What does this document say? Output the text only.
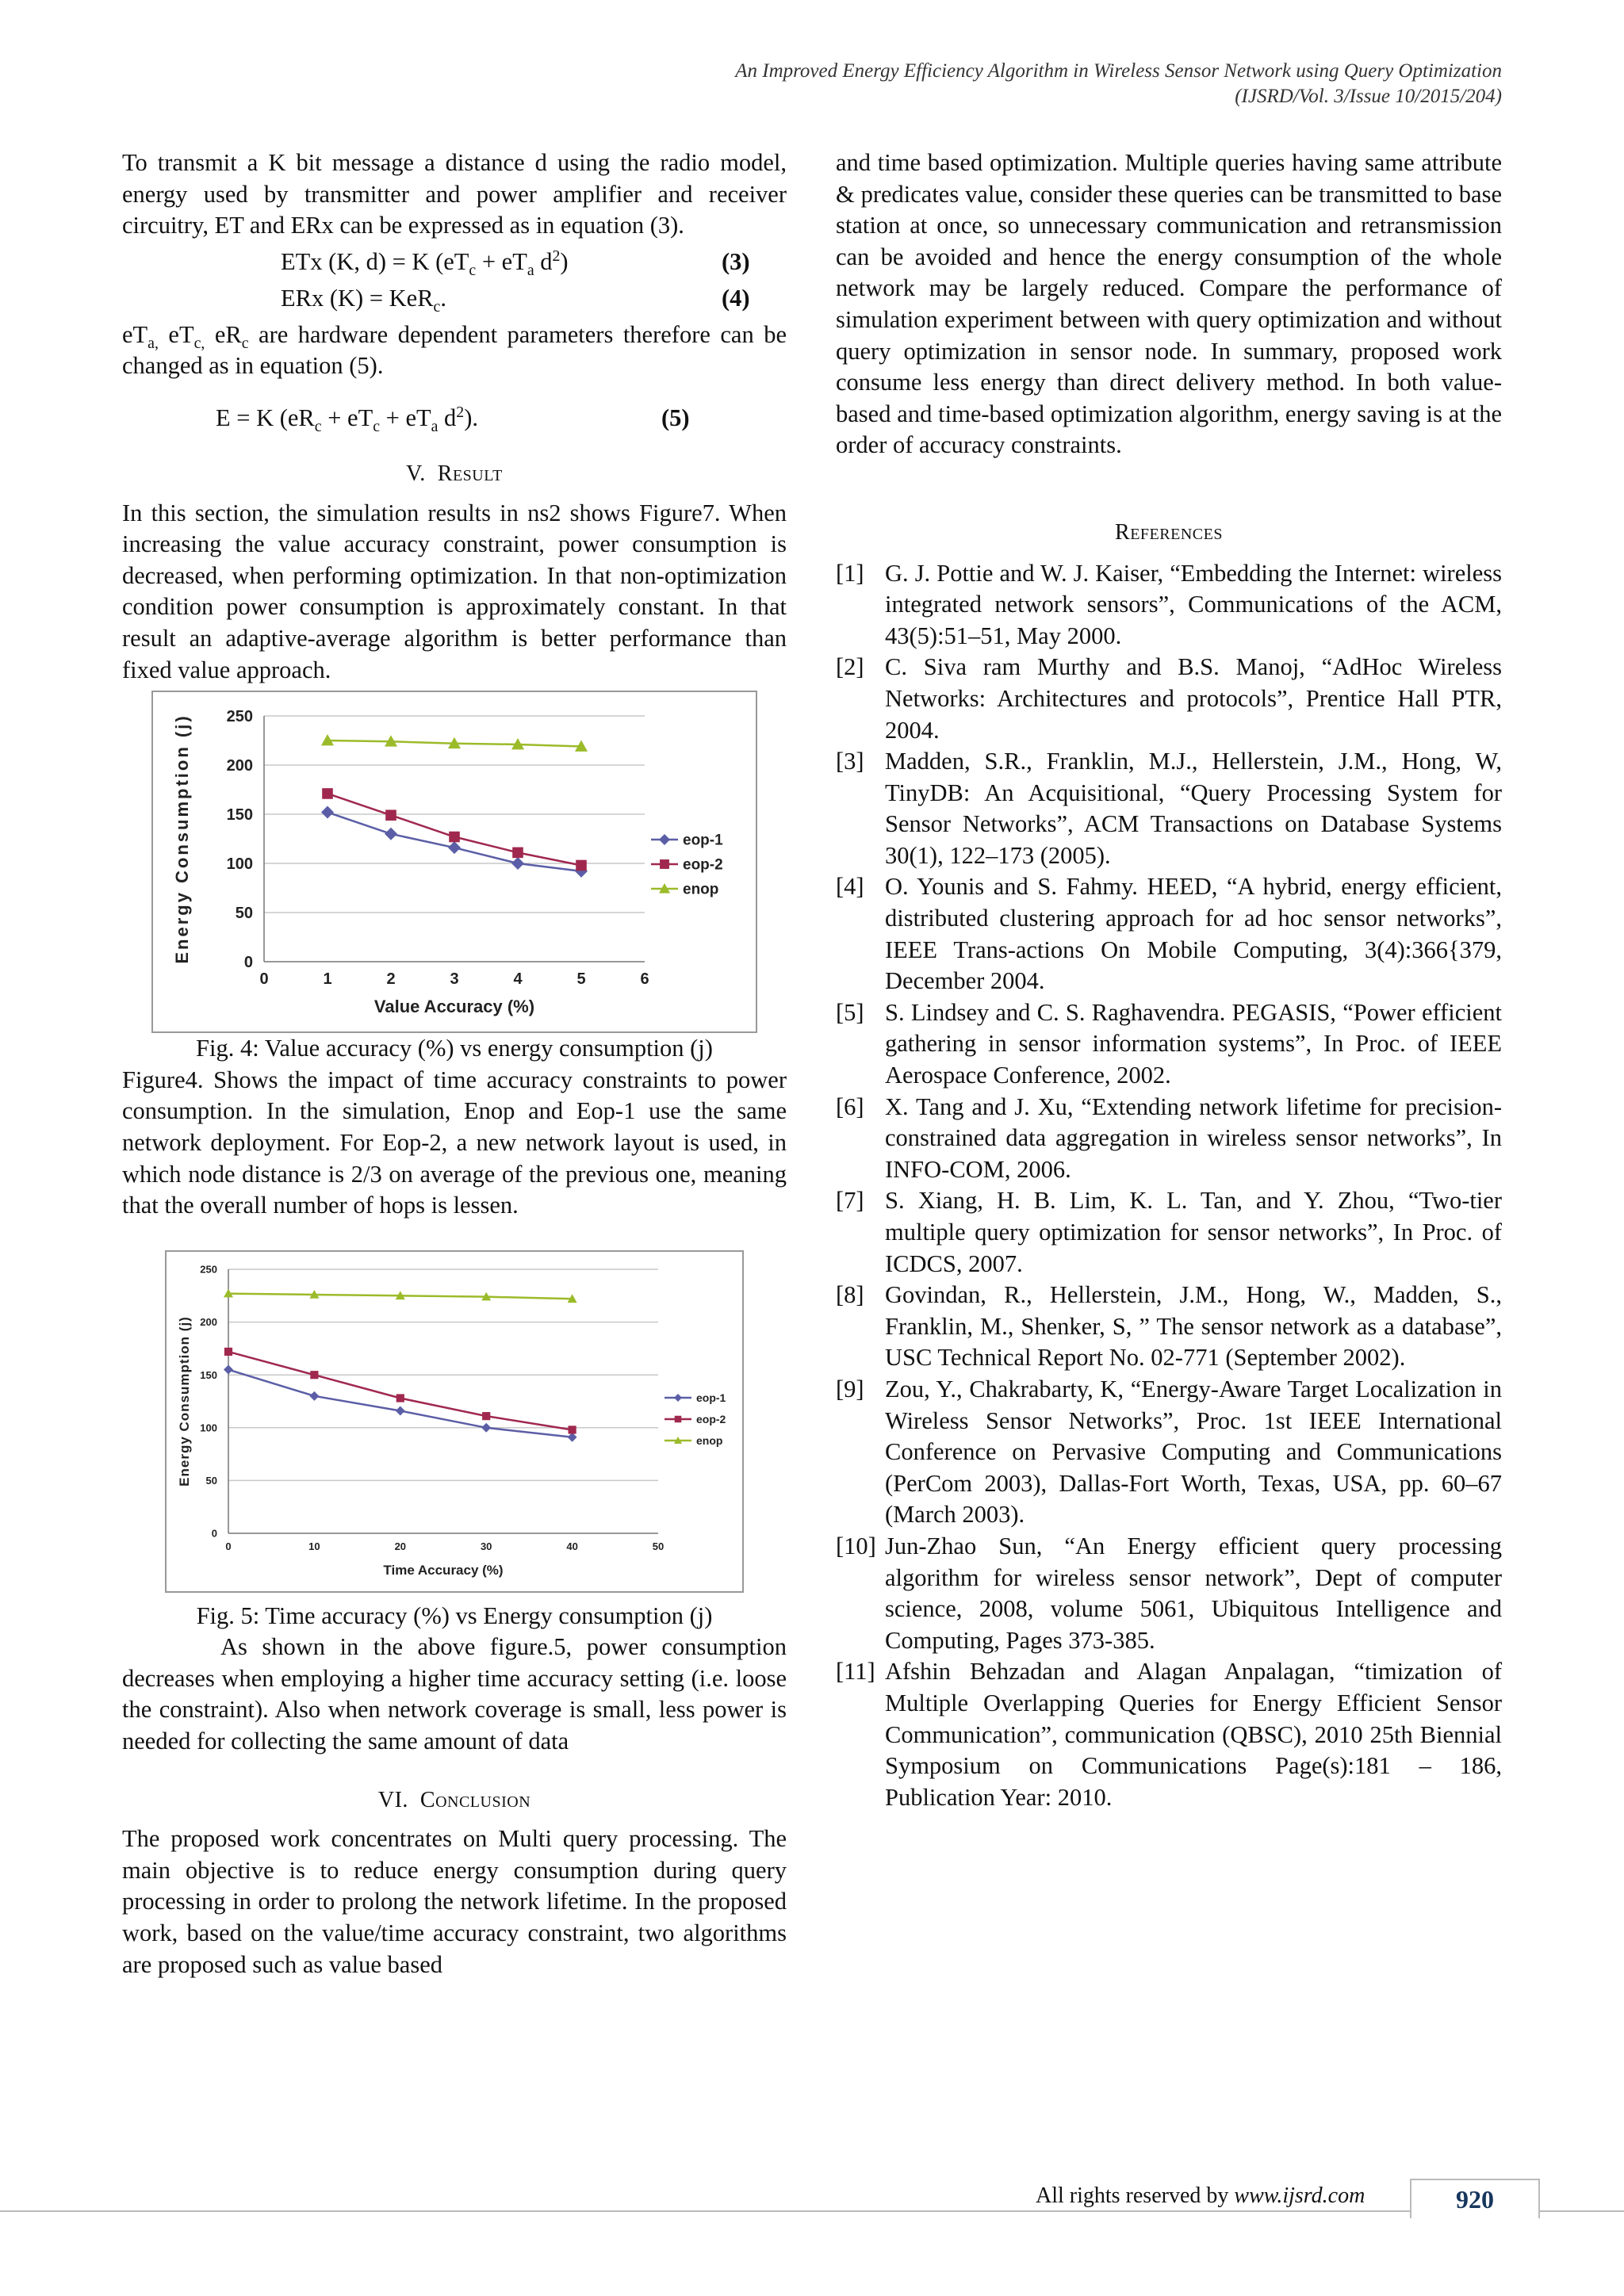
An Improved Energy Efficiency Algorithm in Wireless Sensor Network using Query Optimization
(IJSRD/Vol. 3/Issue 10/2015/204)

To transmit a K bit message a distance d using the radio model, energy used by transmitter and power amplifier and receiver circuitry, ET and ERx can be expressed as in equation (3).

ETx (K, d) = K ($eT_c + eT_a$ $d^2$)	(3)
ERx (K) = KeR$_c$.	(4)

$eT_{a,}$ $eT_{c,}$ $eR_c$ are hardware dependent parameters therefore can be changed as in equation (5).

E = K ($eR_c + eT_c + eT_a$ $d^2$).	(5)
V. Result

In this section, the simulation results in ns2 shows Figure7. When increasing the value accuracy constraint, power consumption is decreased, when performing optimization. In that non-optimization condition power consumption is approximately constant. In that result an adaptive-average algorithm is better performance than fixed value approach.

0
50
100
150
200
250
0	1	2	3	4	5	6
Value Accuracy (%)
Energy Consumption (j)	eop-1
eop-2
enop

Fig. 4: Value accuracy (%) vs energy consumption (j)

Figure4. Shows the impact of time accuracy constraints to power consumption. In the simulation, Enop and Eop-1 use the same network deployment. For Eop-2, a new network layout is used, in which node distance is 2/3 on average of the previous one, meaning that the overall number of hops is lessen.

0
50
100
150
200
250
0	10	20	30	40	50
Time Accuracy (%)
Energy Consumption (j)	eop-1
eop-2
enop

Fig. 5: Time accuracy (%) vs Energy consumption (j)

As shown in the above figure.5, power consumption decreases when employing a higher time accuracy setting (i.e. loose the constraint). Also when network coverage is small, less power is needed for collecting the same amount of data

VI. Conclusion

The proposed work concentrates on Multi query processing. The main objective is to reduce energy consumption during query processing in order to prolong the network lifetime. In the proposed work, based on the value/time accuracy constraint, two algorithms are proposed such as value based

and time based optimization. Multiple queries having same attribute & predicates value, consider these queries can be transmitted to base station at once, so unnecessary communication and retransmission can be avoided and hence the energy consumption of the whole network may be largely reduced. Compare the performance of simulation experiment between with query optimization and without query optimization in sensor node. In summary, proposed work consume less energy than direct delivery method. In both value-based and time-based optimization algorithm, energy saving is at the order of accuracy constraints.

References
[1] G. J. Pottie and W. J. Kaiser, “Embedding the Internet: wireless integrated network sensors”, Communications of the ACM, 43(5):51–51, May 2000.
[2] C. Siva ram Murthy and B.S. Manoj, “AdHoc Wireless Networks: Architectures and protocols”, Prentice Hall PTR, 2004.
[3] Madden, S.R., Franklin, M.J., Hellerstein, J.M., Hong, W, TinyDB: An Acquisitional, “Query Processing System for Sensor Networks”, ACM Transactions on Database Systems 30(1), 122–173 (2005).
[4] O. Younis and S. Fahmy. HEED, “A hybrid, energy efficient, distributed clustering approach for ad hoc sensor networks”, IEEE Trans-actions On Mobile Computing, 3(4):366{379, December 2004.
[5] S. Lindsey and C. S. Raghavendra. PEGASIS, “Power efficient gathering in sensor information systems”, In Proc. of IEEE Aerospace Conference, 2002.
[6] X. Tang and J. Xu, “Extending network lifetime for precision- constrained data aggregation in wireless sensor networks”, In INFO-COM, 2006.
[7] S. Xiang, H. B. Lim, K. L. Tan, and Y. Zhou, “Two-tier multiple query optimization for sensor networks”, In Proc. of ICDCS, 2007.
[8] Govindan, R., Hellerstein, J.M., Hong, W., Madden, S., Franklin, M., Shenker, S, ” The sensor network as a database”, USC Technical Report No. 02-771 (September 2002).
[9] Zou, Y., Chakrabarty, K, “Energy-Aware Target Localization in Wireless Sensor Networks”, Proc. 1st IEEE International Conference on Pervasive Computing and Communications (PerCom 2003), Dallas-Fort Worth, Texas, USA, pp. 60–67 (March 2003).
[10] Jun-Zhao Sun, “An Energy efficient query processing algorithm for wireless sensor network”, Dept of computer science, 2008, volume 5061, Ubiquitous Intelligence and Computing, Pages 373-385.
[11] Afshin Behzadan and Alagan Anpalagan, “timization of Multiple Overlapping Queries for Energy Efficient Sensor Communication”, communication (QBSC), 2010 25th Biennial Symposium on Communications Page(s):181 – 186, Publication Year: 2010.
All rights reserved by www.ijsrd.com	920
